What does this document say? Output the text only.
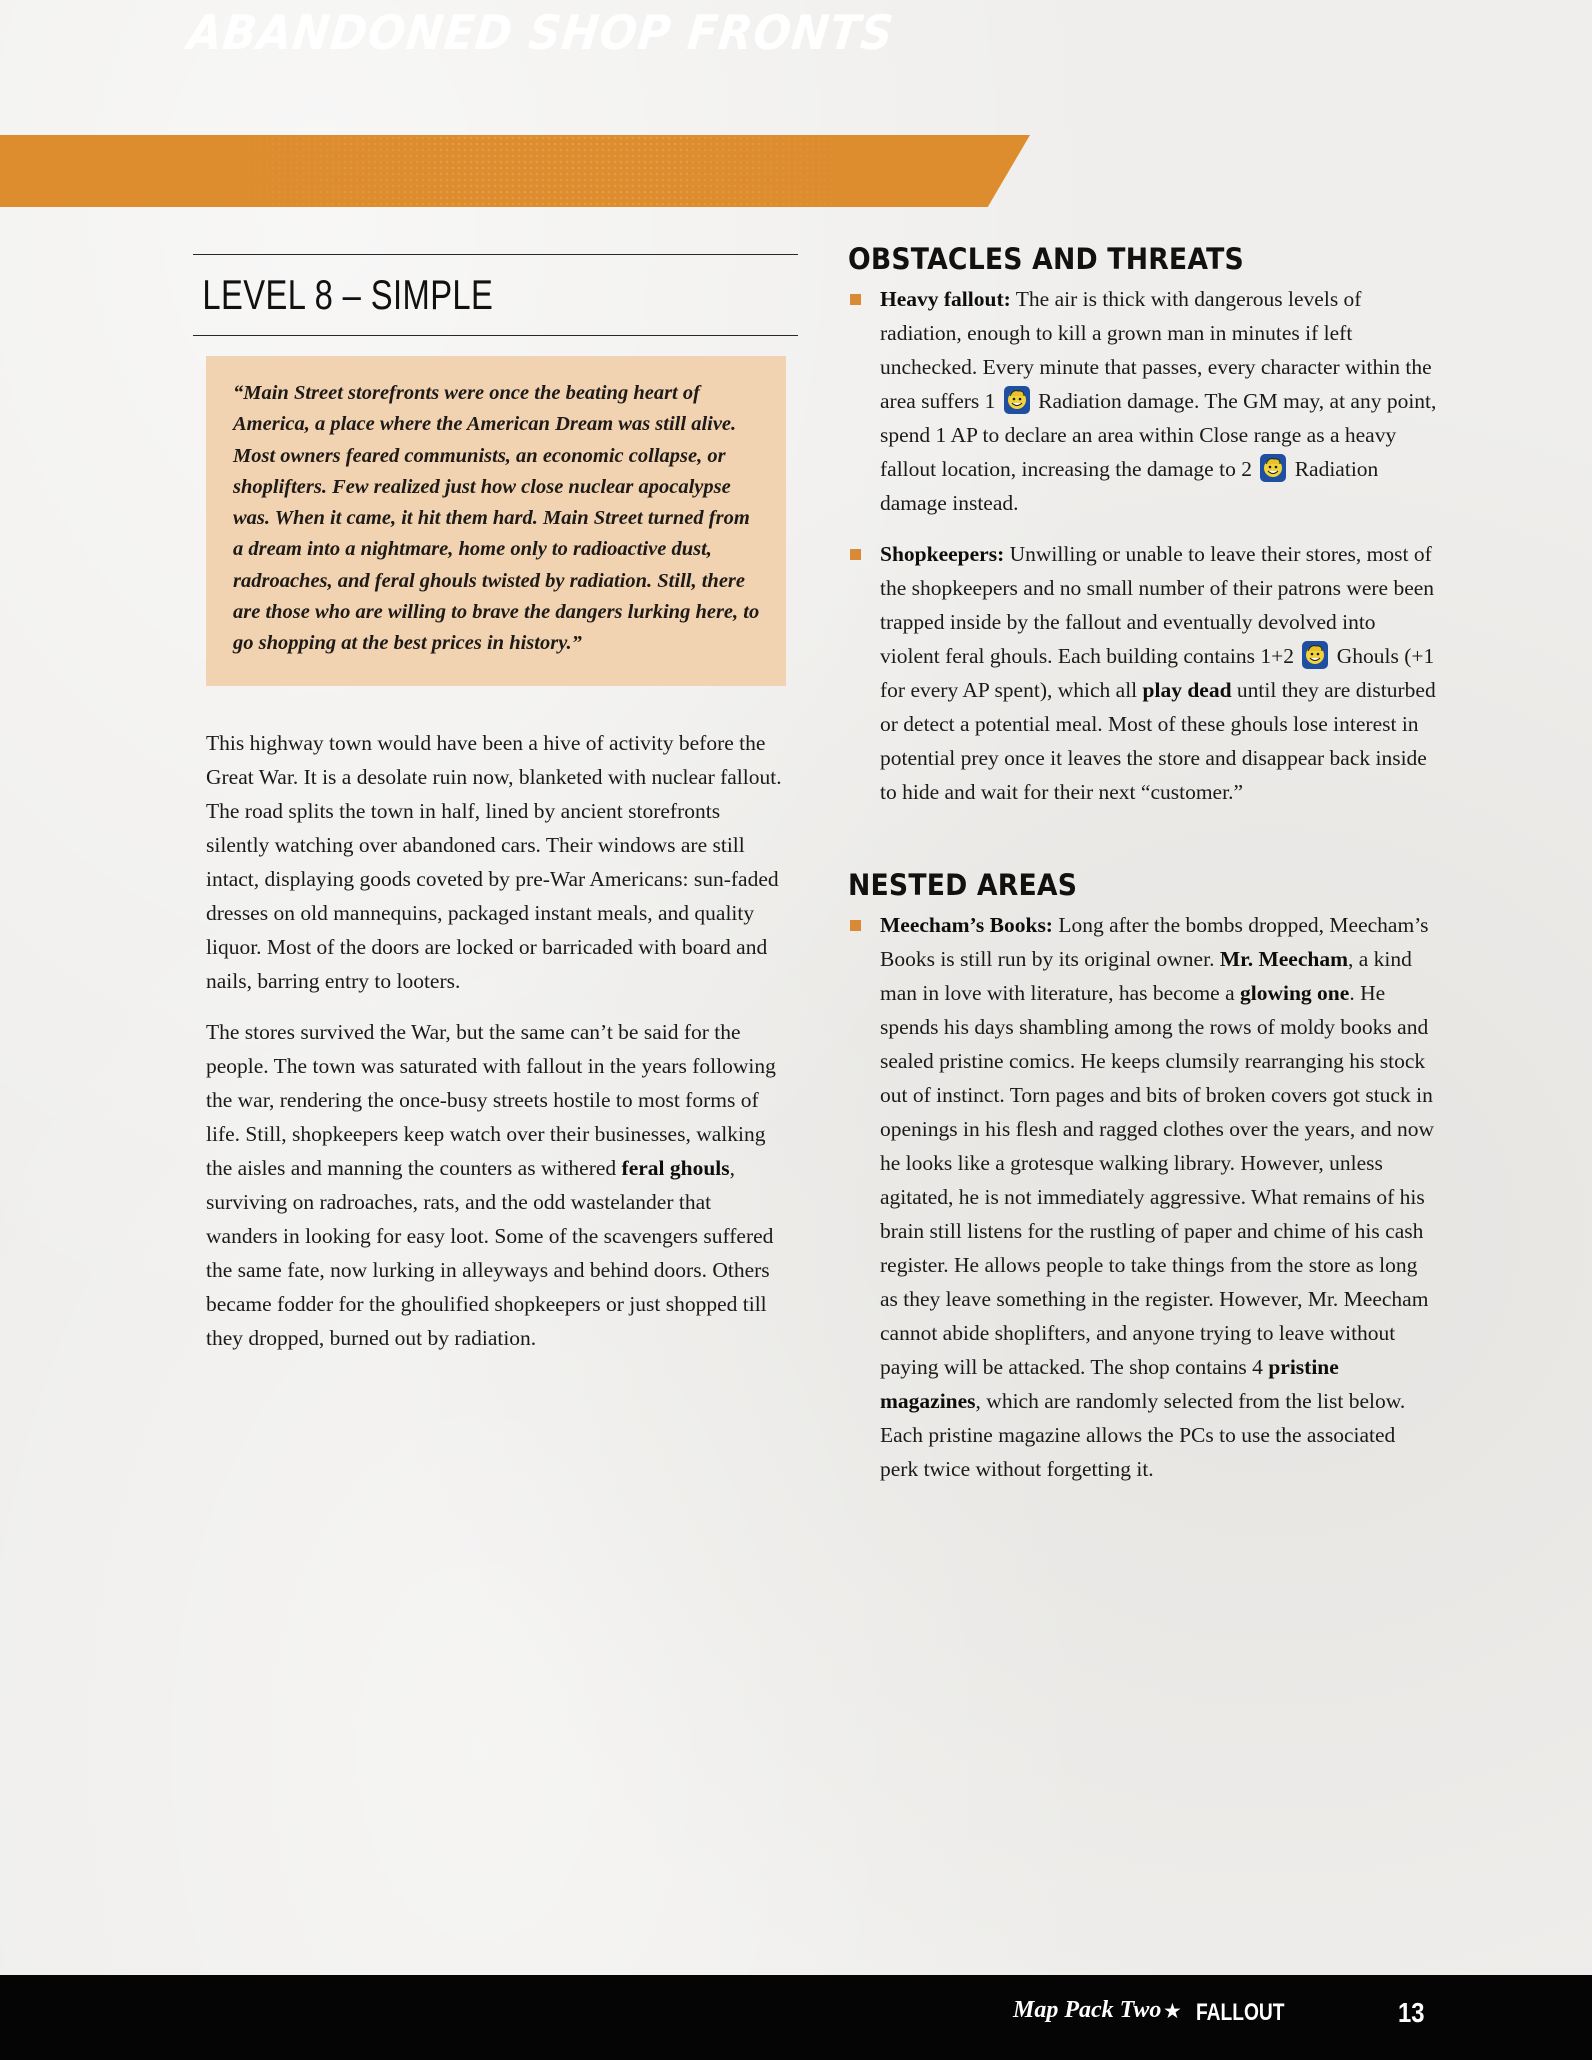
ABANDONED SHOP FRONTS
LEVEL 8 – SIMPLE
“Main Street storefronts were once the beating heart of America, a place where the American Dream was still alive. Most owners feared communists, an economic collapse, or shoplifters. Few realized just how close nuclear apocalypse was. When it came, it hit them hard. Main Street turned from a dream into a nightmare, home only to radioactive dust, radroaches, and feral ghouls twisted by radiation. Still, there are those who are willing to brave the dangers lurking here, to go shopping at the best prices in history.”

This highway town would have been a hive of activity before the Great War. It is a desolate ruin now, blanketed with nuclear fallout. The road splits the town in half, lined by ancient storefronts silently watching over abandoned cars. Their windows are still intact, displaying goods coveted by pre-War Americans: sun-faded dresses on old mannequins, packaged instant meals, and quality liquor. Most of the doors are locked or barricaded with board and nails, barring entry to looters.

The stores survived the War, but the same can’t be said for the people. The town was saturated with fallout in the years following the war, rendering the once-busy streets hostile to most forms of life. Still, shopkeepers keep watch over their businesses, walking the aisles and manning the counters as withered feral ghouls, surviving on radroaches, rats, and the odd wastelander that wanders in looking for easy loot. Some of the scavengers suffered the same fate, now lurking in alleyways and behind doors. Others became fodder for the ghoulified shopkeepers or just shopped till they dropped, burned out by radiation.

OBSTACLES AND THREATS
Heavy fallout: The air is thick with dangerous levels of radiation, enough to kill a grown man in minutes if left unchecked. Every minute that passes, every character within the area suffers 1  Radiation damage. The GM may, at any point, spend 1 AP to declare an area within Close range as a heavy fallout location, increasing the damage to 2  Radiation damage instead.
Shopkeepers: Unwilling or unable to leave their stores, most of the shopkeepers and no small number of their patrons were been trapped inside by the fallout and eventually devolved into violent feral ghouls. Each building contains 1+2  Ghouls (+1 for every AP spent), which all play dead until they are disturbed or detect a potential meal. Most of these ghouls lose interest in potential prey once it leaves the store and disappear back inside to hide and wait for their next “customer.”
NESTED AREAS
Meecham’s Books: Long after the bombs dropped, Meecham’s Books is still run by its original owner. Mr. Meecham, a kind man in love with literature, has become a glowing one. He spends his days shambling among the rows of moldy books and sealed pristine comics. He keeps clumsily rearranging his stock out of instinct. Torn pages and bits of broken covers got stuck in openings in his flesh and ragged clothes over the years, and now he looks like a grotesque walking library. However, unless agitated, he is not immediately aggressive. What remains of his brain still listens for the rustling of paper and chime of his cash register. He allows people to take things from the store as long as they leave something in the register. However, Mr. Meecham cannot abide shoplifters, and anyone trying to leave without paying will be attacked. The shop contains 4 pristine magazines, which are randomly selected from the list below. Each pristine magazine allows the PCs to use the associated perk twice without forgetting it.
Map Pack Two ★ FALLOUT	13
